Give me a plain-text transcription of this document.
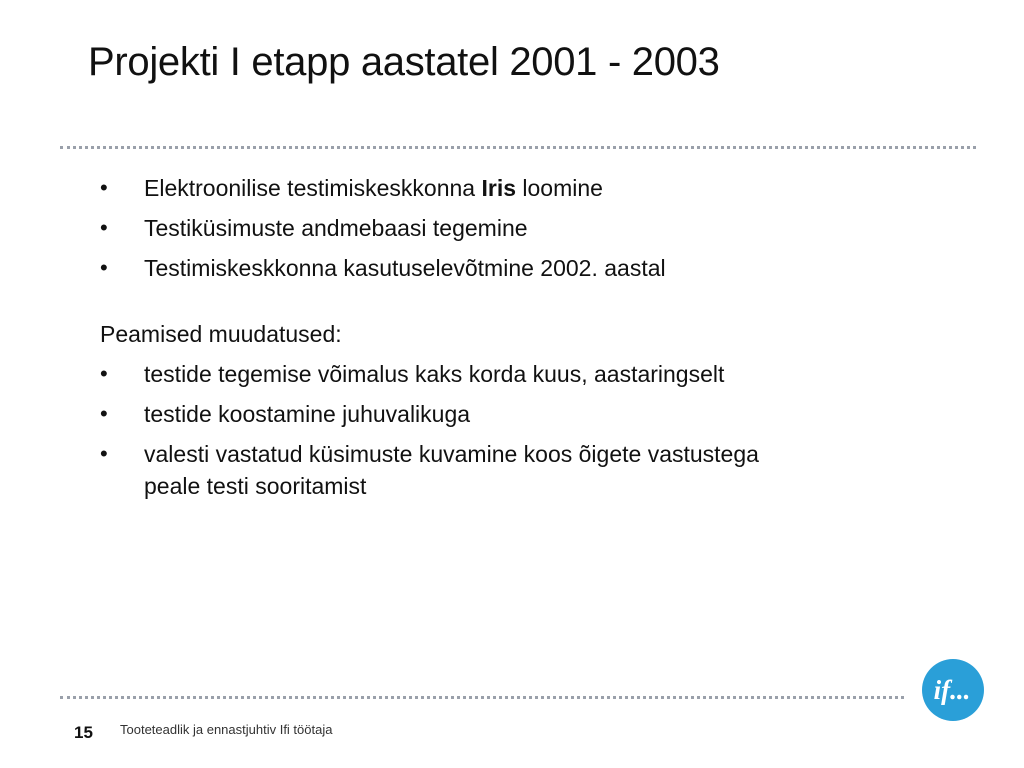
Projekti I etapp aastatel 2001 - 2003
•	Elektroonilise testimiskeskkonna Iris loomine
•	Testiküsimuste andmebaasi tegemine
•	Testimiskeskkonna kasutuselevõtmine 2002. aastal
Peamised muudatused:
•	testide tegemise võimalus kaks korda kuus, aastaringselt
•	testide koostamine juhuvalikuga
•	valesti vastatud küsimuste kuvamine koos õigete vastustega peale testi sooritamist
if...
15 Tooteteadlik ja ennastjuhtiv Ifi töötaja
